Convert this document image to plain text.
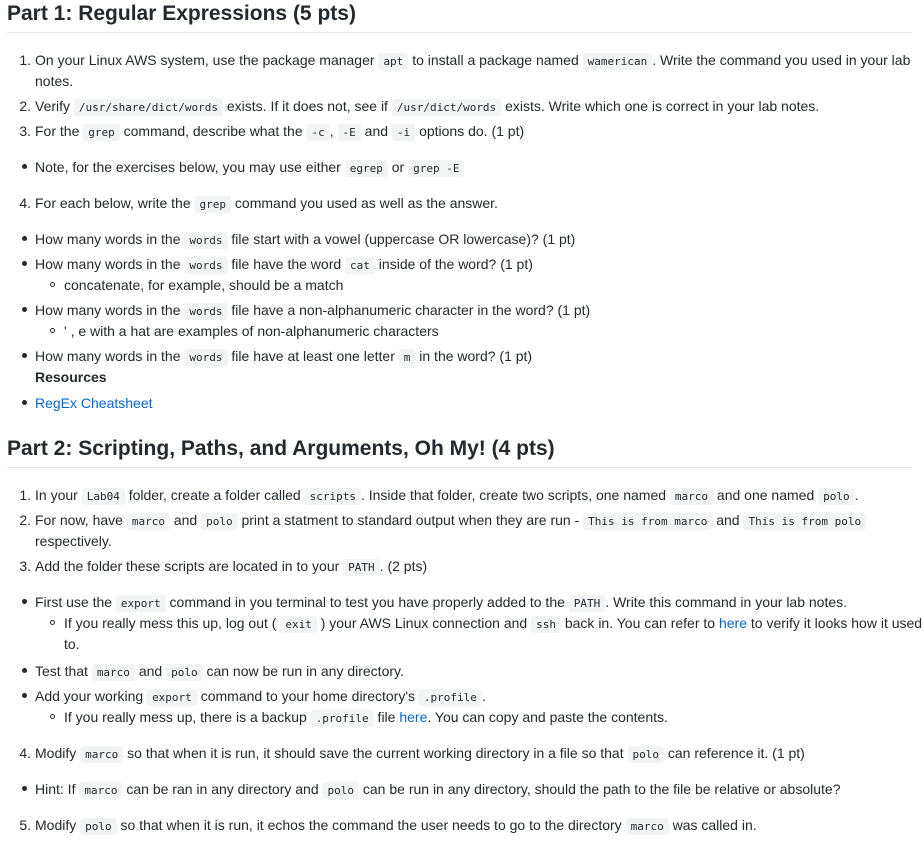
Part 1: Regular Expressions (5 pts)
1. On your Linux AWS system, use the package manager apt to install a package named wamerican . Write the command you used in your lab
notes.
2. Verify /usr/share/dict/words exists. If it does not, see if /usr/dict/words exists. Write which one is correct in your lab notes.
3. For the grep command, describe what the -c , -E and -i options do. (1 pt)
Note, for the exercises below, you may use either egrep or grep -E
4. For each below, write the grep command you used as well as the answer.
How many words in the words file start with a vowel (uppercase OR lowercase)? (1 pt)
How many words in the words file have the word cat inside of the word? (1 pt)
concatenate, for example, should be a match
How many words in the words file have a non-alphanumeric character in the word? (1 pt)
' , e with a hat are examples of non-alphanumeric characters
How many words in the words file have at least one letter m in the word? (1 pt)
Resources
RegEx Cheatsheet
Part 2: Scripting, Paths, and Arguments, Oh My! (4 pts)
1. In your Lab04 folder, create a folder called scripts . Inside that folder, create two scripts, one named marco and one named polo .
2. For now, have marco and polo print a statment to standard output when they are run - This is from marco and This is from polo
respectively.
3. Add the folder these scripts are located in to your PATH . (2 pts)
First use the export command in you terminal to test you have properly added to the PATH . Write this command in your lab notes.
If you really mess this up, log out ( exit ) your AWS Linux connection and ssh back in. You can refer to here to verify it looks how it used
to.
Test that marco and polo can now be run in any directory.
Add your working export command to your home directory's .profile .
If you really mess up, there is a backup .profile file here. You can copy and paste the contents.
4. Modify marco so that when it is run, it should save the current working directory in a file so that polo can reference it. (1 pt)
Hint: If marco can be ran in any directory and polo can be run in any directory, should the path to the file be relative or absolute?
5. Modify polo so that when it is run, it echos the command the user needs to go to the directory marco was called in.
